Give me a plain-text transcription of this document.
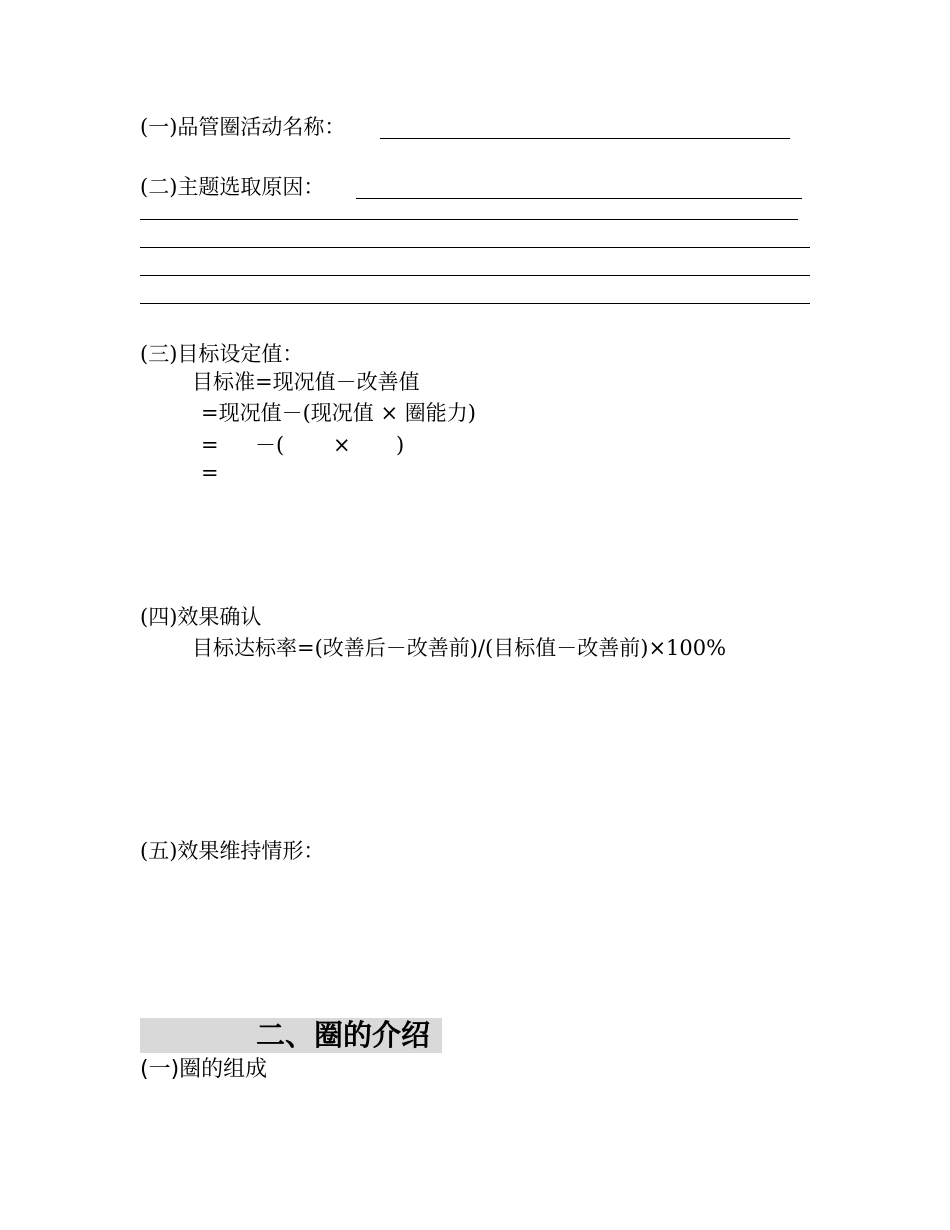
(一)品管圈活动名称：
(二)主题选取原因：
(三)目标设定值：
目标准=现况值－改善值
=现况值－(现况值 × 圈能力)
= －( × )
=
(四)效果确认
目标达标率=(改善后－改善前)/(目标值－改善前)×100%
(五)效果维持情形：
二、圈的介绍
(一)圈的组成
